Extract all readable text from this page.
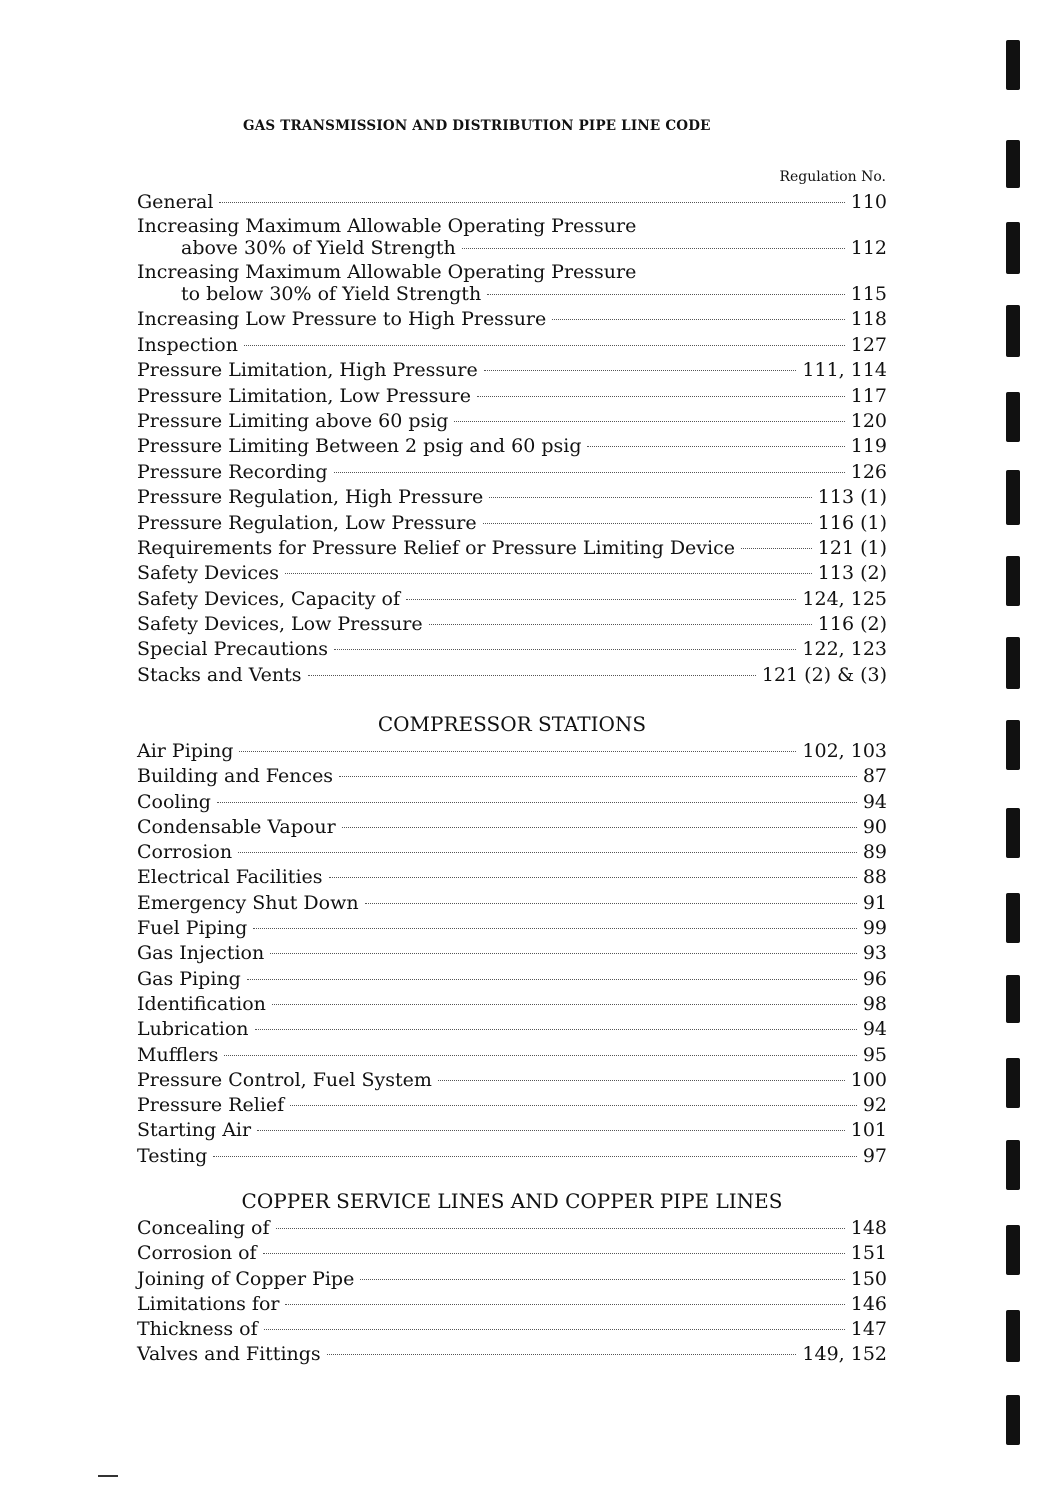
GAS TRANSMISSION AND DISTRIBUTION PIPE LINE CODE
Regulation No.
General	110
Increasing Maximum Allowable Operating Pressure
above 30% of Yield Strength	112
Increasing Maximum Allowable Operating Pressure
to below 30% of Yield Strength	115
Increasing Low Pressure to High Pressure	118
Inspection	127
Pressure Limitation, High Pressure	111, 114
Pressure Limitation, Low Pressure	117
Pressure Limiting above 60 psig	120
Pressure Limiting Between 2 psig and 60 psig	119
Pressure Recording	126
Pressure Regulation, High Pressure	113 (1)
Pressure Regulation, Low Pressure	116 (1)
Requirements for Pressure Relief or Pressure Limiting Device	121 (1)
Safety Devices	113 (2)
Safety Devices, Capacity of	124, 125
Safety Devices, Low Pressure	116 (2)
Special Precautions	122, 123
Stacks and Vents	121 (2) & (3)
COMPRESSOR STATIONS
Air Piping	102, 103
Building and Fences	87
Cooling	94
Condensable Vapour	90
Corrosion	89
Electrical Facilities	88
Emergency Shut Down	91
Fuel Piping	99
Gas Injection	93
Gas Piping	96
Identification	98
Lubrication	94
Mufflers	95
Pressure Control, Fuel System	100
Pressure Relief	92
Starting Air	101
Testing	97
COPPER SERVICE LINES AND COPPER PIPE LINES
Concealing of	148
Corrosion of	151
Joining of Copper Pipe	150
Limitations for	146
Thickness of	147
Valves and Fittings	149, 152
